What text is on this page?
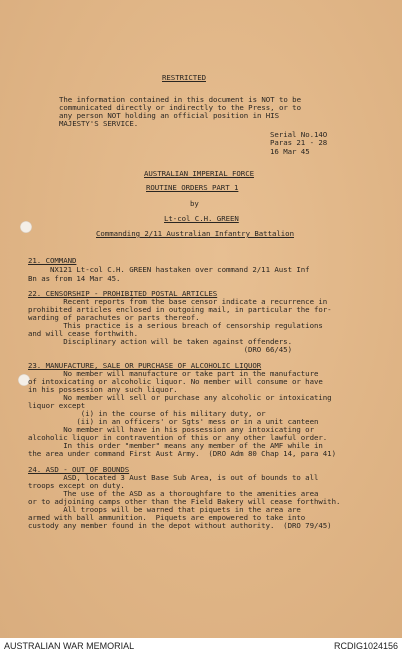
RESTRICTED
The information contained in this document is NOT to be
communicated directly or indirectly to the Press, or to
any person NOT holding an official position in HIS
MAJESTY'S SERVICE.
Serial No.14O
Paras 21 - 28
16 Mar 45
AUSTRALIAN IMPERIAL FORCE
ROUTINE ORDERS PART 1
by
Lt-col C.H. GREEN
Commanding 2/11 Australian Infantry Battalion
21. COMMAND
NX121 Lt-col C.H. GREEN hastaken over command 2/11 Aust Inf
Bn as from 14 Mar 45.
22. CENSORSHIP - PROHIBITED POSTAL ARTICLES
Recent reports from the base censor indicate a recurrence in
prohibited articles enclosed in outgoing mail, in particular the for-
warding of parachutes or parts thereof.
This practice is a serious breach of censorship regulations
and will cease forthwith.
Disciplinary action will be taken against offenders.
(DRO 66/45)
23. MANUFACTURE, SALE OR PURCHASE OF ALCOHOLIC LIQUOR
No member will manufacture or take part in the manufacture
of intoxicating or alcoholic liquor. No member will consume or have
in his possession any such liquor.
No member will sell or purchase any alcoholic or intoxicating
liquor except
(i) in the course of his military duty, or
(ii) in an officers' or Sgts' mess or in a unit canteen
No member will have in his possession any intoxicating or
alcoholic liquor in contravention of this or any other lawful order.
In this order "member" means any member of the AMF while in
the area under command First Aust Army.  (DRO Adm 80 Chap 14, para 41)
24. ASD - OUT OF BOUNDS
ASD, located 3 Aust Base Sub Area, is out of bounds to all
troops except on duty.
The use of the ASD as a thoroughfare to the amenities area
or to adjoining camps other than the Field Bakery will cease forthwith.
All troops will be warned that piquets in the area are
armed with ball ammunition.  Piquets are empowered to take into
custody any member found in the depot without authority.  (DRO 79/45)
AUSTRALIAN WAR MEMORIAL	RCDIG1024156
